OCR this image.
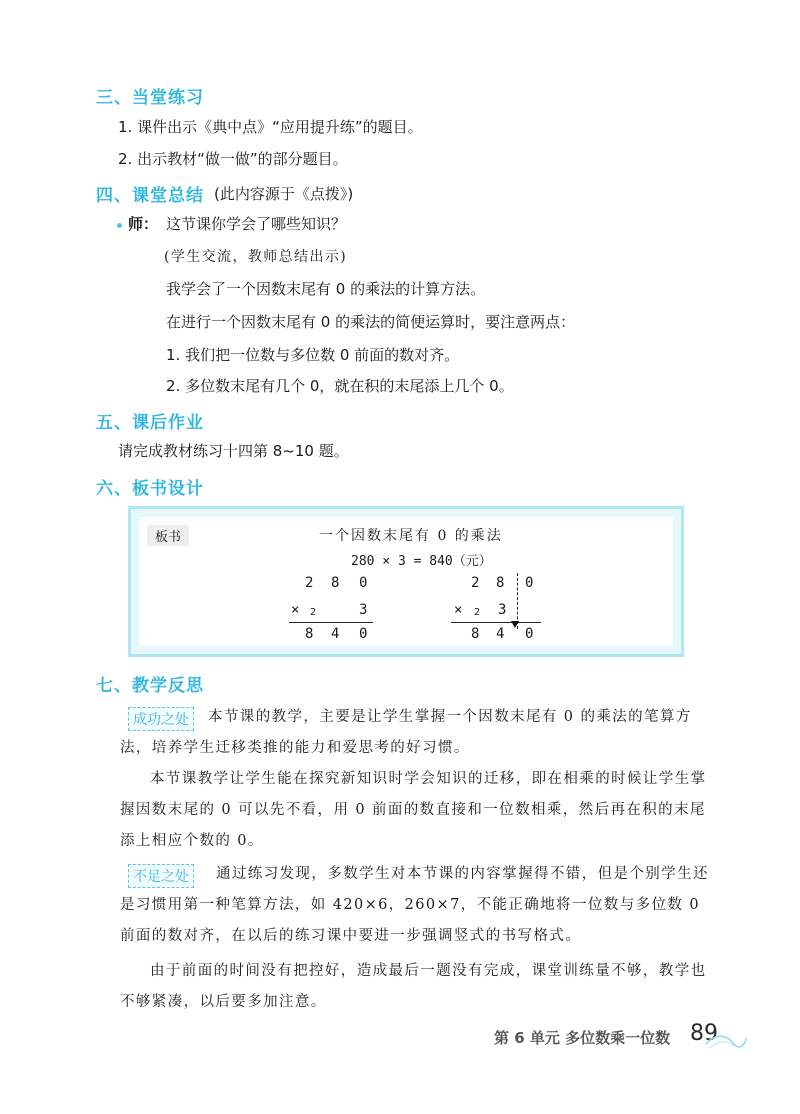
三、当堂练习
1. 课件出示《典中点》“应用提升练”的题目。
2. 出示教材“做一做”的部分题目。
四、课堂总结 (此内容源于《点拨》)
师： 这节课你学会了哪些知识？
(学生交流，教师总结出示)
我学会了一个因数末尾有 0 的乘法的计算方法。
在进行一个因数末尾有 0 的乘法的简便运算时，要注意两点：
1. 我们把一位数与多位数 0 前面的数对齐。
2. 多位数末尾有几个 0，就在积的末尾添上几个 0。
五、课后作业
请完成教材练习十四第 8~10 题。
六、板书设计
板书	一个因数末尾有 0 的乘法
280 × 3 = 840（元）
2 8 0
× 2	3
8 4 0
2 8 0
× 2 3
8 4 0
七、教学反思
本节课的教学，主要是让学生掌握一个因数末尾有 0 的乘法的笔算方法，培养学生迁移类推的能力和爱思考的好习惯。
成功之处
本节课教学让学生能在探究新知识时学会知识的迁移，即在相乘的时候让学生掌握因数末尾的 0 可以先不看，用 0 前面的数直接和一位数相乘，然后再在积的末尾添上相应个数的 0。
通过练习发现，多数学生对本节课的内容掌握得不错，但是个别学生还是习惯用第一种笔算方法，如 420×6，260×7，不能正确地将一位数与多位数 0 前面的数对齐，在以后的练习课中要进一步强调竖式的书写格式。
不足之处
由于前面的时间没有把控好，造成最后一题没有完成，课堂训练量不够，教学也不够紧凑，以后要多加注意。
第 6 单元 多位数乘一位数 89
